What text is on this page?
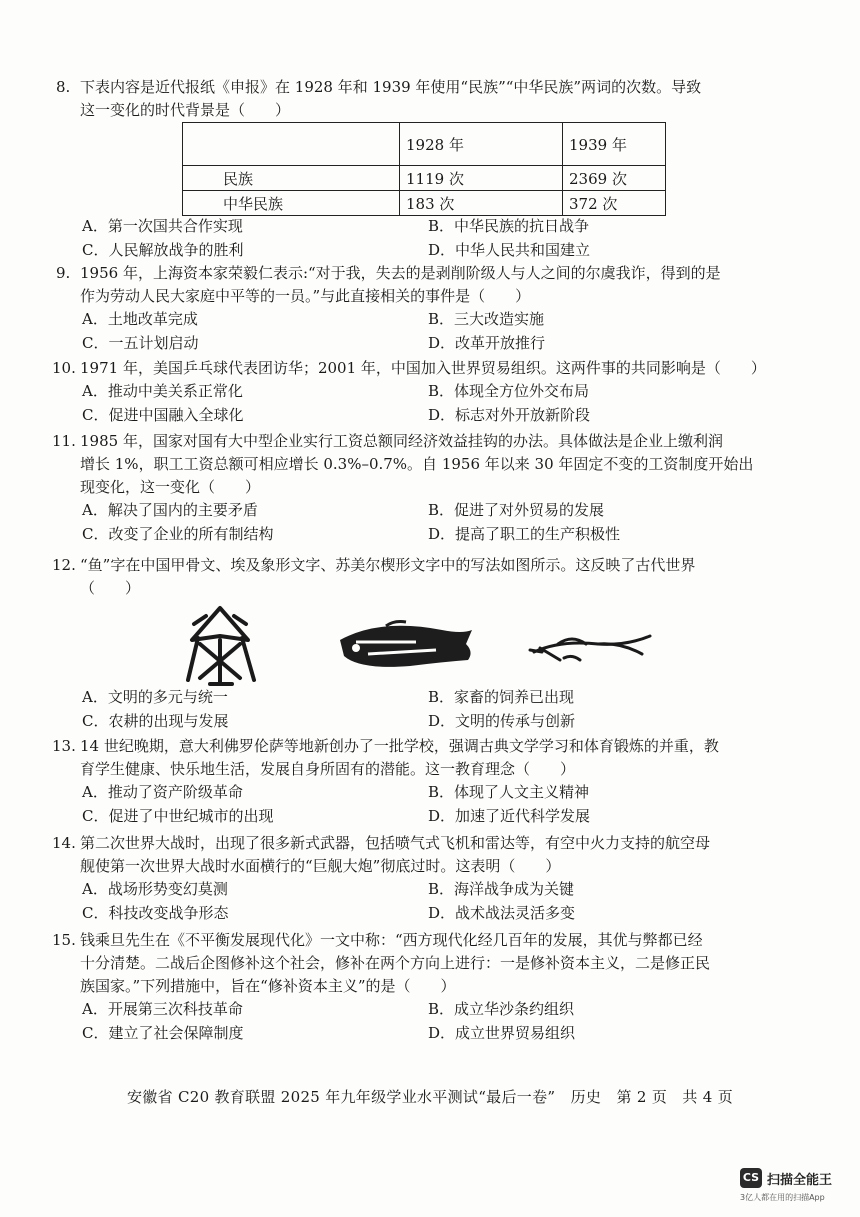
8. 下表内容是近代报纸《申报》在 1928 年和 1939 年使用“民族”“中华民族”两词的次数。导致

这一变化的时代背景是（　　）

	1928 年	1939 年
民族	1119 次	2369 次
中华民族	183 次	372 次
A．第一次国共合作实现	B．中华民族的抗日战争
C．人民解放战争的胜利	D．中华人民共和国建立

9. 1956 年，上海资本家荣毅仁表示:“对于我，失去的是剥削阶级人与人之间的尔虞我诈，得到的是

作为劳动人民大家庭中平等的一员。”与此直接相关的事件是（　　）

A．土地改革完成	B．三大改造实施
C．一五计划启动	D．改革开放推行

10. 1971 年，美国乒乓球代表团访华；2001 年，中国加入世界贸易组织。这两件事的共同影响是（　　）

A．推动中美关系正常化	B．体现全方位外交布局
C．促进中国融入全球化	D．标志对外开放新阶段

11. 1985 年，国家对国有大中型企业实行工资总额同经济效益挂钩的办法。具体做法是企业上缴利润

增长 1%，职工工资总额可相应增长 0.3%–0.7%。自 1956 年以来 30 年固定不变的工资制度开始出

现变化，这一变化（　　）

A．解决了国内的主要矛盾	B．促进了对外贸易的发展
C．改变了企业的所有制结构	D．提高了职工的生产积极性

12. “鱼”字在中国甲骨文、埃及象形文字、苏美尔楔形文字中的写法如图所示。这反映了古代世界

（　　）

A．文明的多元与统一	B．家畜的饲养已出现
C．农耕的出现与发展	D．文明的传承与创新

13. 14 世纪晚期，意大利佛罗伦萨等地新创办了一批学校，强调古典文学学习和体育锻炼的并重，教

育学生健康、快乐地生活，发展自身所固有的潜能。这一教育理念（　　）

A．推动了资产阶级革命	B．体现了人文主义精神
C．促进了中世纪城市的出现	D．加速了近代科学发展

14. 第二次世界大战时，出现了很多新式武器，包括喷气式飞机和雷达等，有空中火力支持的航空母

舰使第一次世界大战时水面横行的“巨舰大炮”彻底过时。这表明（　　）

A．战场形势变幻莫测	B．海洋战争成为关键
C．科技改变战争形态	D．战术战法灵活多变

15. 钱乘旦先生在《不平衡发展现代化》一文中称：“西方现代化经几百年的发展，其优与弊都已经

十分清楚。二战后企图修补这个社会，修补在两个方向上进行：一是修补资本主义，二是修正民

族国家。”下列措施中，旨在“修补资本主义”的是（　　）

A．开展第三次科技革命	B．成立华沙条约组织
C．建立了社会保障制度	D．成立世界贸易组织
安徽省 C20 教育联盟 2025 年九年级学业水平测试“最后一卷”　历史　第 2 页　共 4 页
CS 扫描全能王
3亿人都在用的扫描App
